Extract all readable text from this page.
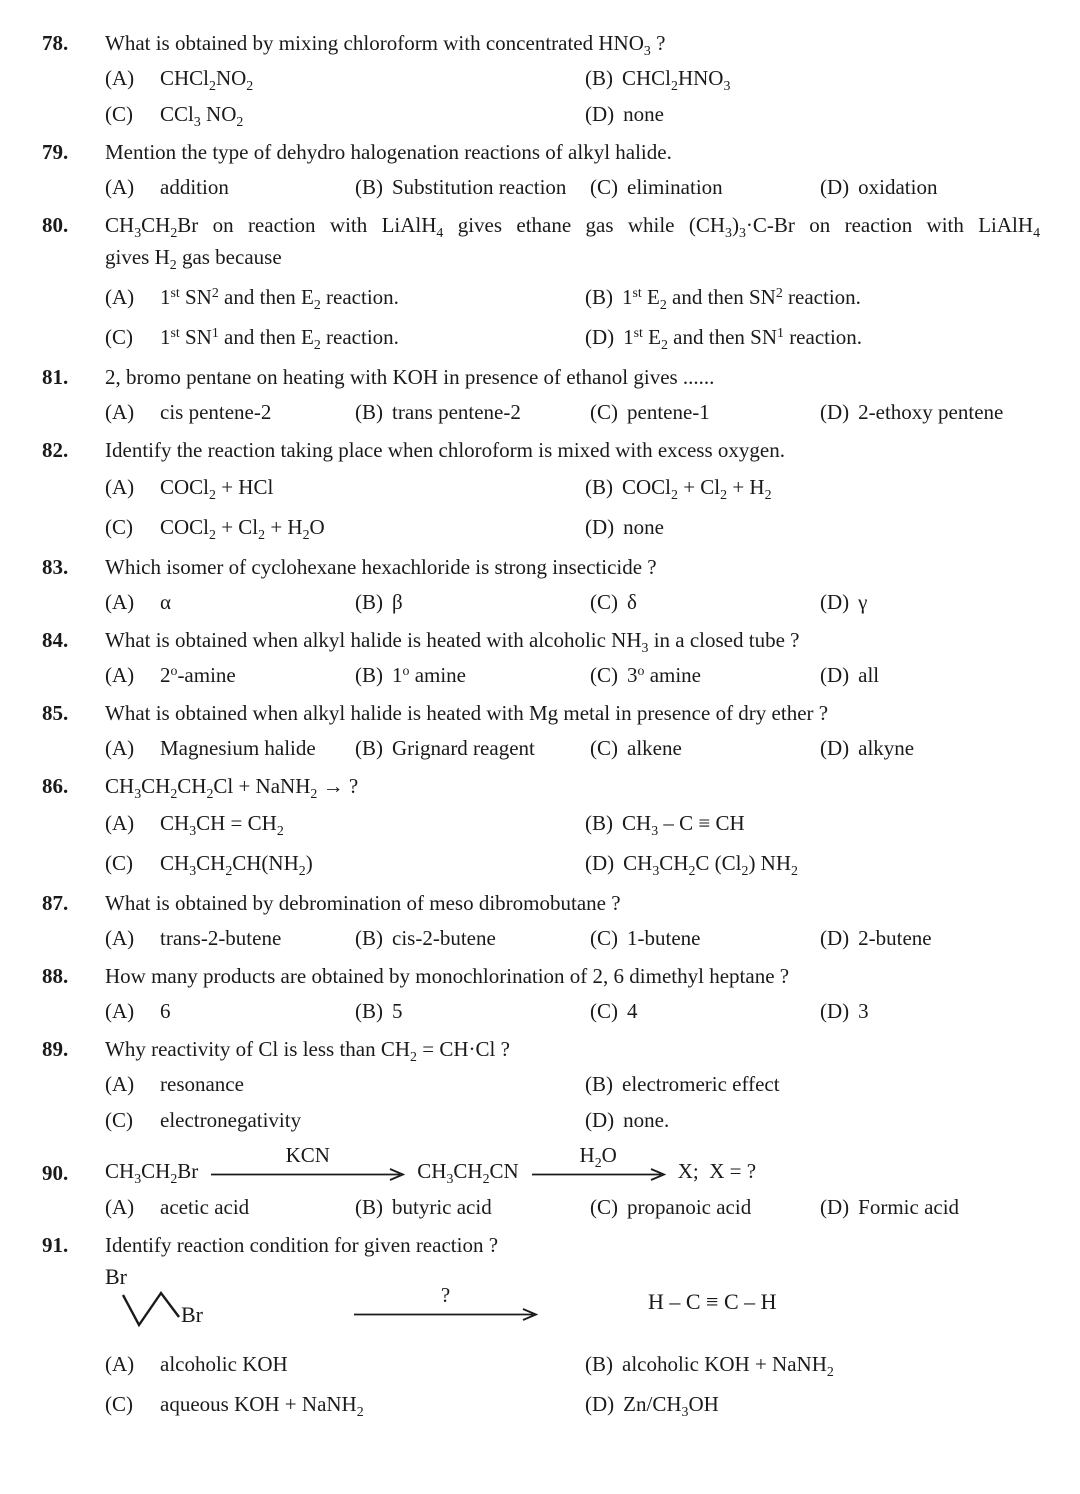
78.	What is obtained by mixing chloroform with concentrated $HNO_3$ ?
(A) $CHCl_2NO_2$	(B) $CHCl_2HNO_3$
(C) CCl$_3$ $NO_2$	(D) none
79.	Mention the type of dehydro halogenation reactions of alkyl halide.
(A) addition	(B) Substitution reaction	(C) elimination	(D) oxidation
80.	$CH_3CH_2Br$ on reaction with LiAlH$_4$ gives ethane gas while $(CH_3)_3\cdot C-Br$ on reaction with LiAlH$_4$
gives $H_2$ gas because
(A) 1st $SN^2$ and then $E_2$ reaction.	(B) 1st $E_2$ and then $SN^2$ reaction.
(C) 1st $SN^1$ and then $E_2$ reaction.	(D) 1st $E_2$ and then $SN^1$ reaction.
81.	2, bromo pentane on heating with KOH in presence of ethanol gives ......
(A) cis pentene-2	(B) trans pentene-2	(C) pentene-1	(D) 2-ethoxy pentene
82.	Identify the reaction taking place when chloroform is mixed with excess oxygen.
(A) COCl$_2$ + HCl	(B) COCl$_2$ + $Cl_2 + H_2$
(C) COCl$_2$ + $Cl_2 + H_2O$	(D) none
83.	Which isomer of cyclohexane hexachloride is strong insecticide ?
(A) α	(B) β	(C) δ	(D) γ
84.	What is obtained when alkyl halide is heated with alcoholic $NH_3$ in a closed tube ?
(A) 2$^o$-amine	(B) 1$^o$ amine	(C) 3$^o$ amine	(D) all
85.	What is obtained when alkyl halide is heated with Mg metal in presence of dry ether ?
(A) Magnesium halide	(B) Grignard reagent	(C) alkene	(D) alkyne
86.	$CH_3CH_2CH_2Cl$ + NaNH$_2$ → ?
(A) $CH_3CH = CH_2$	(B) $CH_3$ – C ≡ CH
(C) $CH_3CH_2CH(NH_2)$	(D) $CH_3CH_2C$ $(Cl_2)$ $NH_2$
87.	What is obtained by debromination of meso dibromobutane ?
(A) trans-2-butene	(B) cis-2-butene	(C) 1-butene	(D) 2-butene
88.	How many products are obtained by monochlorination of 2, 6 dimethyl heptane ?
(A) 6	(B) 5	(C) 4	(D) 3
89.	Why reactivity of Cl is less than $CH_2 = CH\cdot Cl$ ?
(A) resonance	(B) electromeric effect
(C) electronegativity	(D) none.
90.	$CH_3CH_2Br$
KCN
$CH_3CH_2CN$
$H_2O$
X;  X = ?
(A) acetic acid	(B) butyric acid	(C) propanoic acid	(D) Formic acid
91.	Identify reaction condition for given reaction ?
Br
Br
?	H – C ≡ C – H
(A) alcoholic KOH	(B) alcoholic KOH + NaNH$_2$
(C) aqueous KOH + NaNH$_2$	(D) $Zn/CH_3OH$
